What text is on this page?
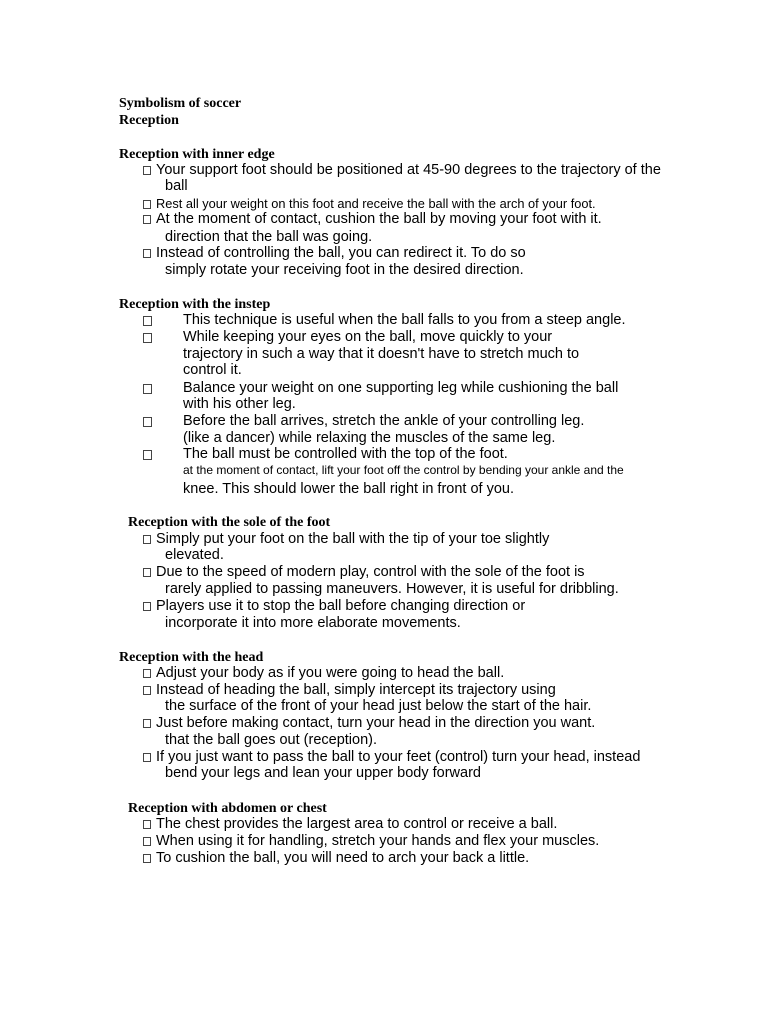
Symbolism of soccer
Reception
Reception with inner edge
Your support foot should be positioned at 45-90 degrees to the trajectory of the
ball
Rest all your weight on this foot and receive the ball with the arch of your foot.
At the moment of contact, cushion the ball by moving your foot with it.
direction that the ball was going.
Instead of controlling the ball, you can redirect it. To do so
simply rotate your receiving foot in the desired direction.
Reception with the instep
This technique is useful when the ball falls to you from a steep angle.
While keeping your eyes on the ball, move quickly to your
trajectory in such a way that it doesn't have to stretch much to
control it.
Balance your weight on one supporting leg while cushioning the ball
with his other leg.
Before the ball arrives, stretch the ankle of your controlling leg.
(like a dancer) while relaxing the muscles of the same leg.
The ball must be controlled with the top of the foot.
at the moment of contact, lift your foot off the control by bending your ankle and the
knee. This should lower the ball right in front of you.
Reception with the sole of the foot
Simply put your foot on the ball with the tip of your toe slightly
elevated.
Due to the speed of modern play, control with the sole of the foot is
rarely applied to passing maneuvers. However, it is useful for dribbling.
Players use it to stop the ball before changing direction or
incorporate it into more elaborate movements.
Reception with the head
Adjust your body as if you were going to head the ball.
Instead of heading the ball, simply intercept its trajectory using
the surface of the front of your head just below the start of the hair.
Just before making contact, turn your head in the direction you want.
that the ball goes out (reception).
If you just want to pass the ball to your feet (control) turn your head, instead
bend your legs and lean your upper body forward
Reception with abdomen or chest
The chest provides the largest area to control or receive a ball.
When using it for handling, stretch your hands and flex your muscles.
To cushion the ball, you will need to arch your back a little.
